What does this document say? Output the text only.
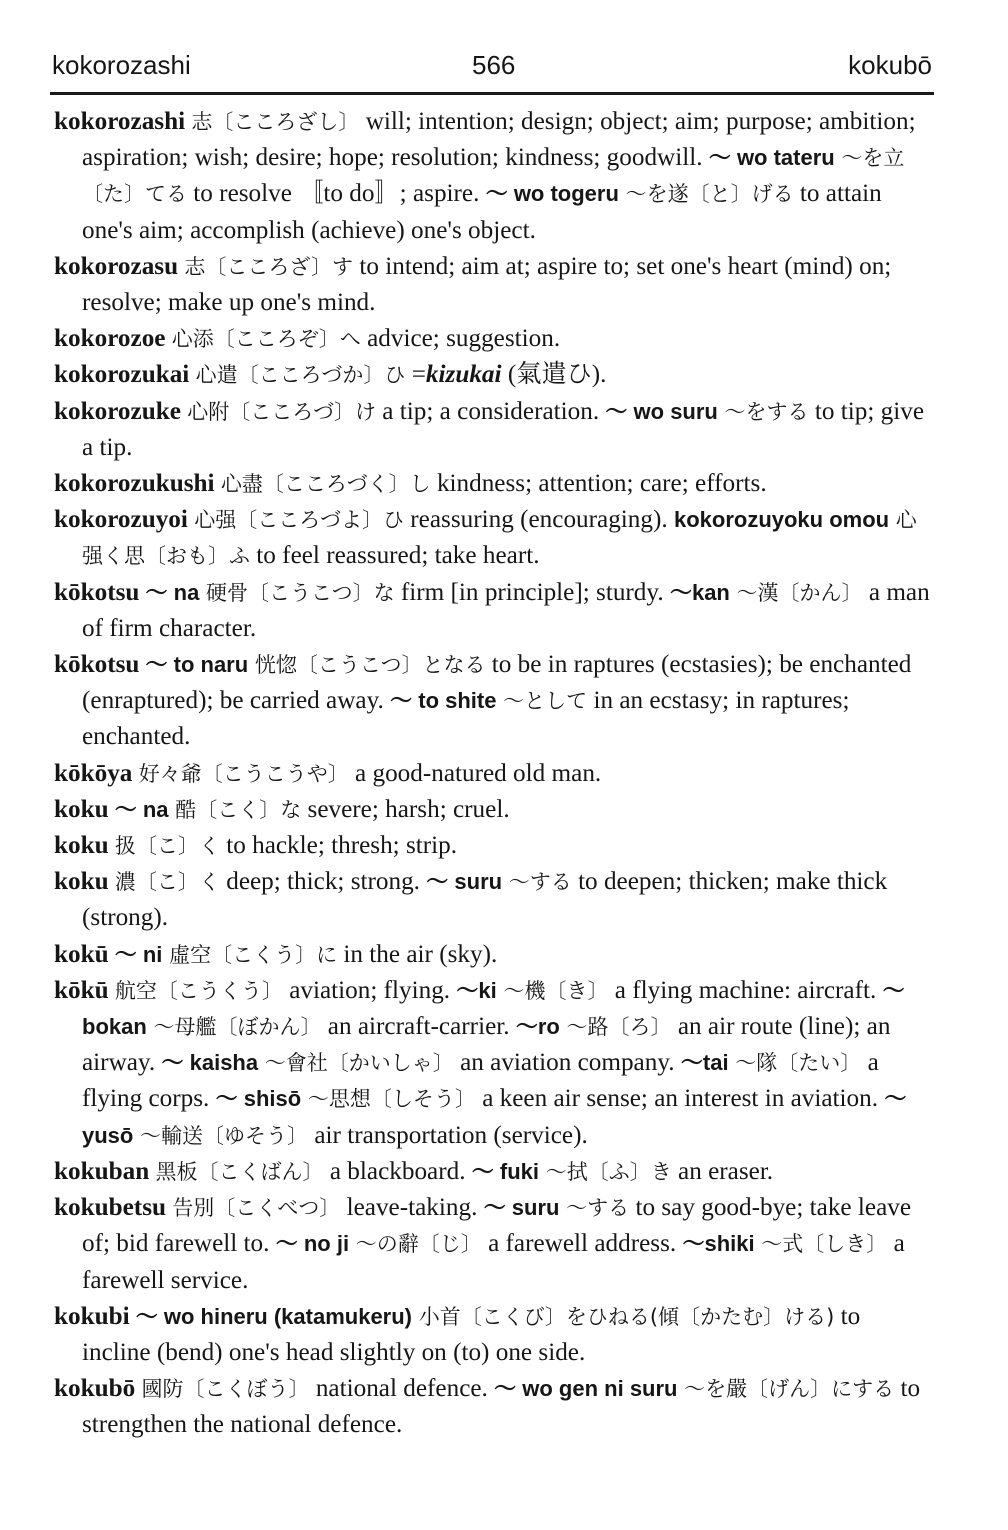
kokorozashi	566	kokubō

kokorozashi 志〔こころざし〕 will; intention; design; object; aim; purpose; ambition; aspiration; wish; desire; hope; resolution; kindness; goodwill. ～ wo tateru ～を立〔た〕てる to resolve 〚to do〛; aspire. ～ wo togeru ～を遂〔と〕げる to attain one's aim; accomplish (achieve) one's object.

kokorozasu 志〔こころざ〕す to intend; aim at; aspire to; set one's heart (mind) on; resolve; make up one's mind.

kokorozoe 心添〔こころぞ〕へ advice; suggestion.

kokorozukai 心遣〔こころづか〕ひ =kizukai (氣遣ひ).

kokorozuke 心附〔こころづ〕け a tip; a consideration. ～ wo suru ～をする to tip; give a tip.

kokorozukushi 心盡〔こころづく〕し kindness; attention; care; efforts.

kokorozuyoi 心强〔こころづよ〕ひ reassuring (encouraging). kokorozuyoku omou 心强く思〔おも〕ふ to feel reassured; take heart.

kōkotsu ～ na 硬骨〔こうこつ〕な firm [in principle]; sturdy. ～kan ～漢〔かん〕 a man of firm character.

kōkotsu ～ to naru 恍惚〔こうこつ〕となる to be in raptures (ecstasies); be enchanted (enraptured); be carried away. ～ to shite ～として in an ecstasy; in raptures; enchanted.

kōkōya 好々爺〔こうこうや〕 a good-natured old man.

koku ～ na 酷〔こく〕な severe; harsh; cruel.

koku 扱〔こ〕く to hackle; thresh; strip.

koku 濃〔こ〕く deep; thick; strong. ～ suru ～する to deepen; thicken; make thick (strong).

kokū ～ ni 虛空〔こくう〕に in the air (sky).

kōkū 航空〔こうくう〕 aviation; flying. ～ki ～機〔き〕 a flying machine: aircraft. ～ bokan ～母艦〔ぼかん〕 an aircraft-carrier. ～ro ～路〔ろ〕 an air route (line); an airway. ～ kaisha ～會社〔かいしゃ〕 an aviation company. ～tai ～隊〔たい〕 a flying corps. ～ shisō ～思想〔しそう〕 a keen air sense; an interest in aviation. ～ yusō ～輸送〔ゆそう〕 air transportation (service).

kokuban 黑板〔こくばん〕 a blackboard. ～ fuki ～拭〔ふ〕き an eraser.

kokubetsu 告別〔こくべつ〕 leave-taking. ～ suru ～する to say good-bye; take leave of; bid farewell to. ～ no ji ～の辭〔じ〕 a farewell address. ～shiki ～式〔しき〕 a farewell service.

kokubi ～ wo hineru (katamukeru) 小首〔こくび〕をひねる(傾〔かたむ〕ける) to incline (bend) one's head slightly on (to) one side.

kokubō 國防〔こくぼう〕 national defence. ～ wo gen ni suru ～を嚴〔げん〕にする to strengthen the national defence.
